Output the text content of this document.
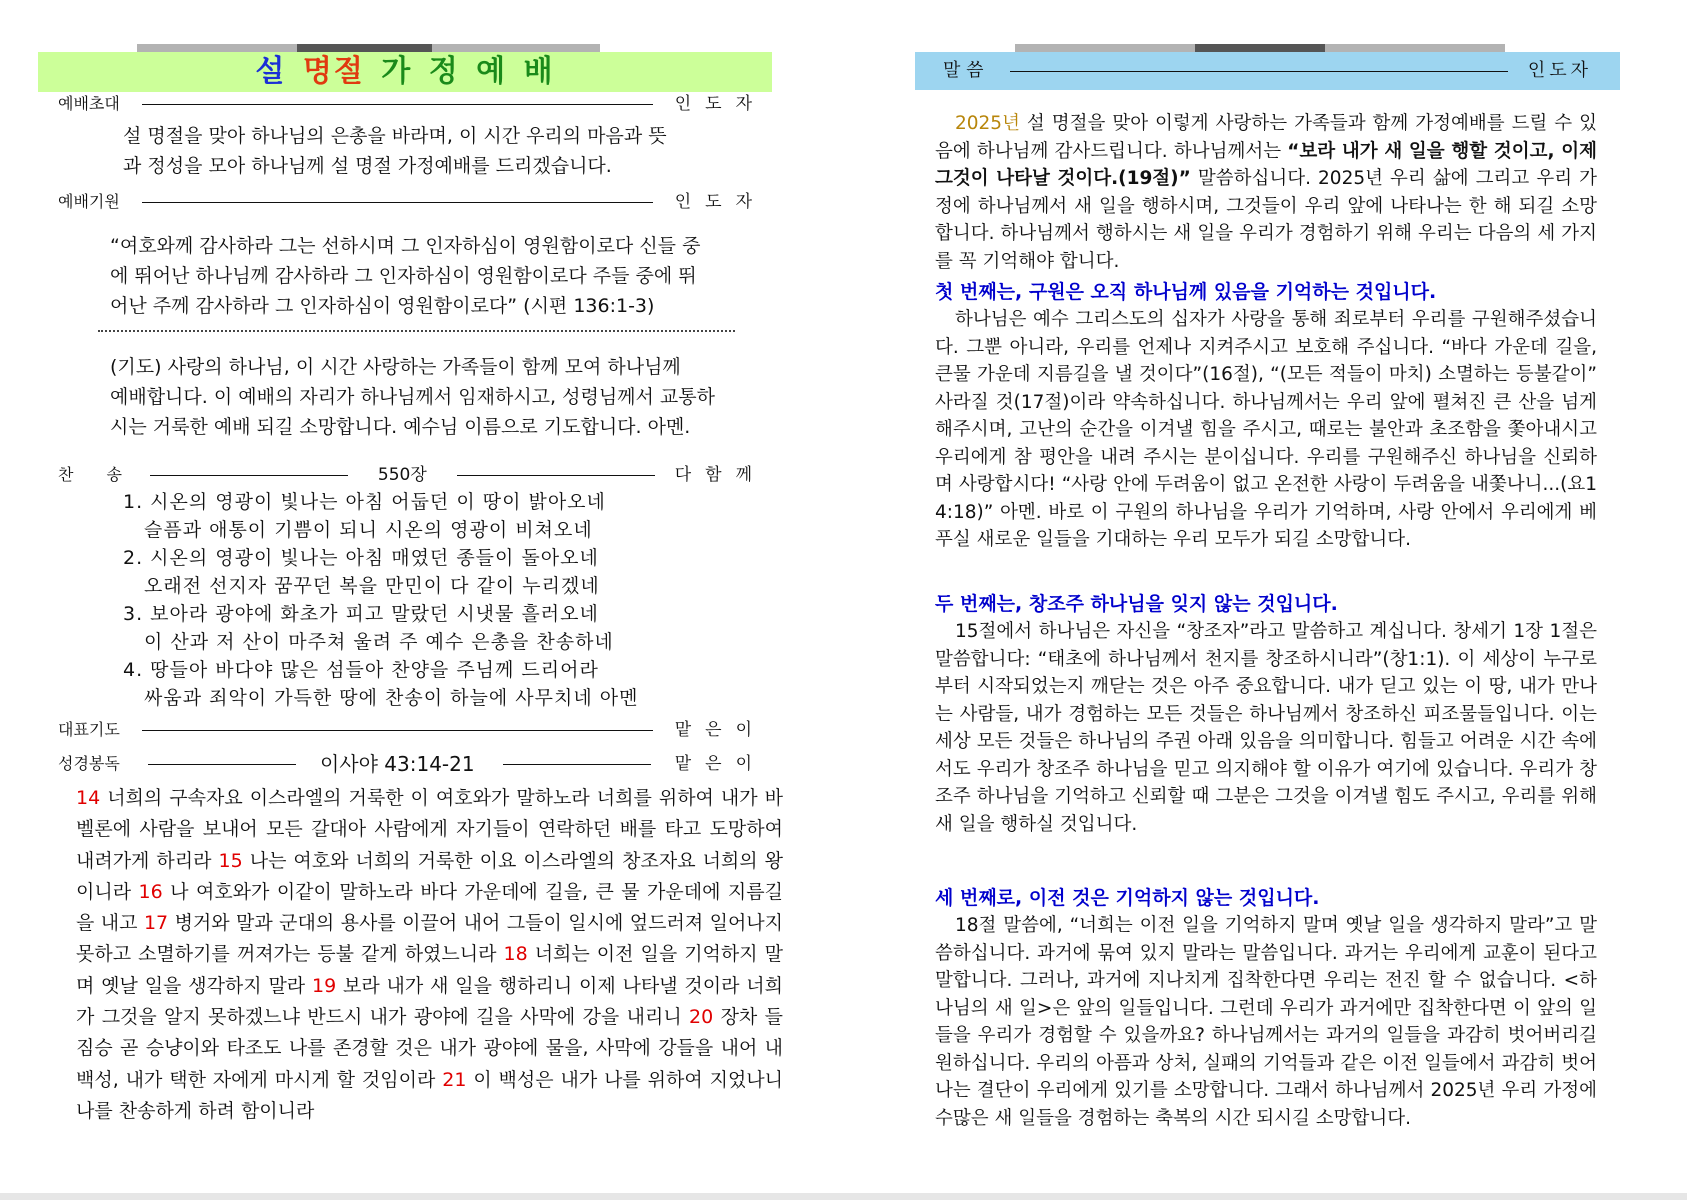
설 명절 가 정 예 배
예배초대	인도자
설 명절을 맞아 하나님의 은총을 바라며, 이 시간 우리의 마음과 뜻
과 정성을 모아 하나님께 설 명절 가정예배를 드리겠습니다.
예배기원	인도자
“여호와께 감사하라 그는 선하시며 그 인자하심이 영원함이로다 신들 중
에 뛰어난 하나님께 감사하라 그 인자하심이 영원함이로다 주들 중에 뛰
어난 주께 감사하라 그 인자하심이 영원함이로다” (시편 136:1-3)
(기도) 사랑의 하나님, 이 시간 사랑하는 가족들이 함께 모여 하나님께
예배합니다. 이 예배의 자리가 하나님께서 임재하시고, 성령님께서 교통하
시는 거룩한 예배 되길 소망합니다. 예수님 이름으로 기도합니다. 아멘.
찬 송	550장	다함께
1. 시온의 영광이 빛나는 아침 어둡던 이 땅이 밝아오네
슬픔과 애통이 기쁨이 되니 시온의 영광이 비쳐오네
2. 시온의 영광이 빛나는 아침 매였던 종들이 돌아오네
오래전 선지자 꿈꾸던 복을 만민이 다 같이 누리겠네
3. 보아라 광야에 화초가 피고 말랐던 시냇물 흘러오네
이 산과 저 산이 마주쳐 울려 주 예수 은총을 찬송하네
4. 땅들아 바다야 많은 섬들아 찬양을 주님께 드리어라
싸움과 죄악이 가득한 땅에 찬송이 하늘에 사무치네 아멘
대표기도	맡은이
성경봉독	이사야 43:14-21	맡은이
14 너희의 구속자요 이스라엘의 거룩한 이 여호와가 말하노라 너희를 위하여 내가 바벨론에 사람을 보내어 모든 갈대아 사람에게 자기들이 연락하던 배를 타고 도망하여 내려가게 하리라 15 나는 여호와 너희의 거룩한 이요 이스라엘의 창조자요 너희의 왕이니라 16 나 여호와가 이같이 말하노라 바다 가운데에 길을, 큰 물 가운데에 지름길을 내고 17 병거와 말과 군대의 용사를 이끌어 내어 그들이 일시에 엎드러져 일어나지 못하고 소멸하기를 꺼져가는 등불 같게 하였느니라 18 너희는 이전 일을 기억하지 말며 옛날 일을 생각하지 말라 19 보라 내가 새 일을 행하리니 이제 나타낼 것이라 너희가 그것을 알지 못하겠느냐 반드시 내가 광야에 길을 사막에 강을 내리니 20 장차 들짐승 곧 승냥이와 타조도 나를 존경할 것은 내가 광야에 물을, 사막에 강들을 내어 내 백성, 내가 택한 자에게 마시게 할 것임이라 21 이 백성은 내가 나를 위하여 지었나니 나를 찬송하게 하려 함이니라
말 씀	인도자
2025년 설 명절을 맞아 이렇게 사랑하는 가족들과 함께 가정예배를 드릴 수 있음에 하나님께 감사드립니다. 하나님께서는 “보라 내가 새 일을 행할 것이고, 이제 그것이 나타날 것이다.(19절)” 말씀하십니다. 2025년 우리 삶에 그리고 우리 가정에 하나님께서 새 일을 행하시며, 그것들이 우리 앞에 나타나는 한 해 되길 소망합니다. 하나님께서 행하시는 새 일을 우리가 경험하기 위해 우리는 다음의 세 가지를 꼭 기억해야 합니다.
첫 번째는, 구원은 오직 하나님께 있음을 기억하는 것입니다.
하나님은 예수 그리스도의 십자가 사랑을 통해 죄로부터 우리를 구원해주셨습니다. 그뿐 아니라, 우리를 언제나 지켜주시고 보호해 주십니다. “바다 가운데 길을, 큰물 가운데 지름길을 낼 것이다”(16절), “(모든 적들이 마치) 소멸하는 등불같이” 사라질 것(17절)이라 약속하십니다. 하나님께서는 우리 앞에 펼쳐진 큰 산을 넘게 해주시며, 고난의 순간을 이겨낼 힘을 주시고, 때로는 불안과 초조함을 쫓아내시고 우리에게 참 평안을 내려 주시는 분이십니다. 우리를 구원해주신 하나님을 신뢰하며 사랑합시다! “사랑 안에 두려움이 없고 온전한 사랑이 두려움을 내쫓나니...(요1 4:18)” 아멘. 바로 이 구원의 하나님을 우리가 기억하며, 사랑 안에서 우리에게 베푸실 새로운 일들을 기대하는 우리 모두가 되길 소망합니다.
두 번째는, 창조주 하나님을 잊지 않는 것입니다.
15절에서 하나님은 자신을 “창조자”라고 말씀하고 계십니다. 창세기 1장 1절은 말씀합니다: “태초에 하나님께서 천지를 창조하시니라”(창1:1). 이 세상이 누구로부터 시작되었는지 깨닫는 것은 아주 중요합니다. 내가 딛고 있는 이 땅, 내가 만나는 사람들, 내가 경험하는 모든 것들은 하나님께서 창조하신 피조물들입니다. 이는 세상 모든 것들은 하나님의 주권 아래 있음을 의미합니다. 힘들고 어려운 시간 속에서도 우리가 창조주 하나님을 믿고 의지해야 할 이유가 여기에 있습니다. 우리가 창조주 하나님을 기억하고 신뢰할 때 그분은 그것을 이겨낼 힘도 주시고, 우리를 위해 새 일을 행하실 것입니다.
세 번째로, 이전 것은 기억하지 않는 것입니다.
18절 말씀에, “너희는 이전 일을 기억하지 말며 옛날 일을 생각하지 말라”고 말씀하십니다. 과거에 묶여 있지 말라는 말씀입니다. 과거는 우리에게 교훈이 된다고 말합니다. 그러나, 과거에 지나치게 집착한다면 우리는 전진 할 수 없습니다. <하나님의 새 일>은 앞의 일들입니다. 그런데 우리가 과거에만 집착한다면 이 앞의 일들을 우리가 경험할 수 있을까요? 하나님께서는 과거의 일들을 과감히 벗어버리길 원하십니다. 우리의 아픔과 상처, 실패의 기억들과 같은 이전 일들에서 과감히 벗어나는 결단이 우리에게 있기를 소망합니다. 그래서 하나님께서 2025년 우리 가정에 수많은 새 일들을 경험하는 축복의 시간 되시길 소망합니다.
